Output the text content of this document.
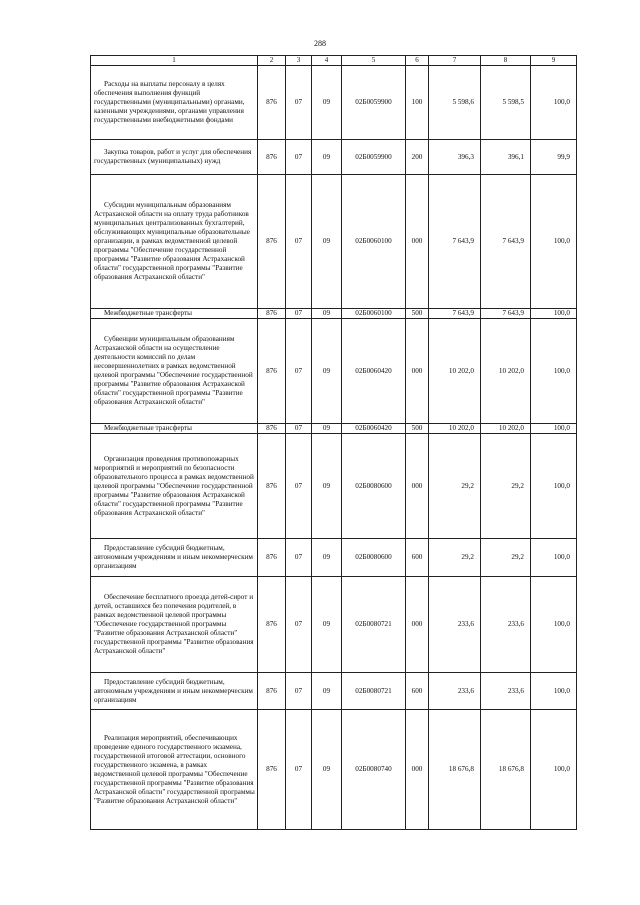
288
1	2	3	4	5	6	7	8	9
Расходы на выплаты персоналу в целях обеспечения выполнения функций государственными (муниципальными) органами, казенными учреждениями, органами управления государственными внебюджетными фондами	876	07	09	02Б0059900	100	5 598,6	5 598,5	100,0
Закупка товаров, работ и услуг для обеспечения государственных (муниципальных) нужд	876	07	09	02Б0059900	200	396,3	396,1	99,9
Субсидии муниципальным образованиям Астраханской области на оплату труда работников муниципальных централизованных бухгалтерий, обслуживающих муниципальные образовательные организации, в рамках ведомственной целевой программы "Обеспечение государственной программы "Развитие образования Астраханской области" государственной программы "Развитие образования Астраханской области"	876	07	09	02Б0060100	000	7 643,9	7 643,9	100,0
Межбюджетные трансферты	876	07	09	02Б0060100	500	7 643,9	7 643,9	100,0
Субвенции муниципальным образованиям Астраханской области на осуществление деятельности комиссий по делам несовершеннолетних в рамках ведомственной целевой программы "Обеспечение государственной программы "Развитие образования Астраханской области" государственной программы "Развитие образования Астраханской области"	876	07	09	02Б0060420	000	10 202,0	10 202,0	100,0
Межбюджетные трансферты	876	07	09	02Б0060420	500	10 202,0	10 202,0	100,0
Организация проведения противопожарных мероприятий и мероприятий по безопасности образовательного процесса в рамках ведомственной целевой программы "Обеспечение государственной программы "Развитие образования Астраханской области" государственной программы "Развитие образования Астраханской области"	876	07	09	02Б0080600	000	29,2	29,2	100,0
Предоставление субсидий бюджетным, автономным учреждениям и иным некоммерческим организациям	876	07	09	02Б0080600	600	29,2	29,2	100,0
Обеспечение бесплатного проезда детей-сирот и детей, оставшихся без попечения родителей, в рамках ведомственной целевой программы "Обеспечение государственной программы "Развитие образования Астраханской области" государственной программы "Развитие образования Астраханской области"	876	07	09	02Б0080721	000	233,6	233,6	100,0
Предоставление субсидий бюджетным, автономным учреждениям и иным некоммерческим организациям	876	07	09	02Б0080721	600	233,6	233,6	100,0
Реализация мероприятий, обеспечивающих проведение единого государственного экзамена, государственной итоговой аттестации, основного государственного экзамена, в рамках ведомственной целевой программы "Обеспечение государственной программы "Развитие образования Астраханской области" государственной программы "Развитие образования Астраханской области"	876	07	09	02Б0080740	000	18 676,8	18 676,8	100,0
